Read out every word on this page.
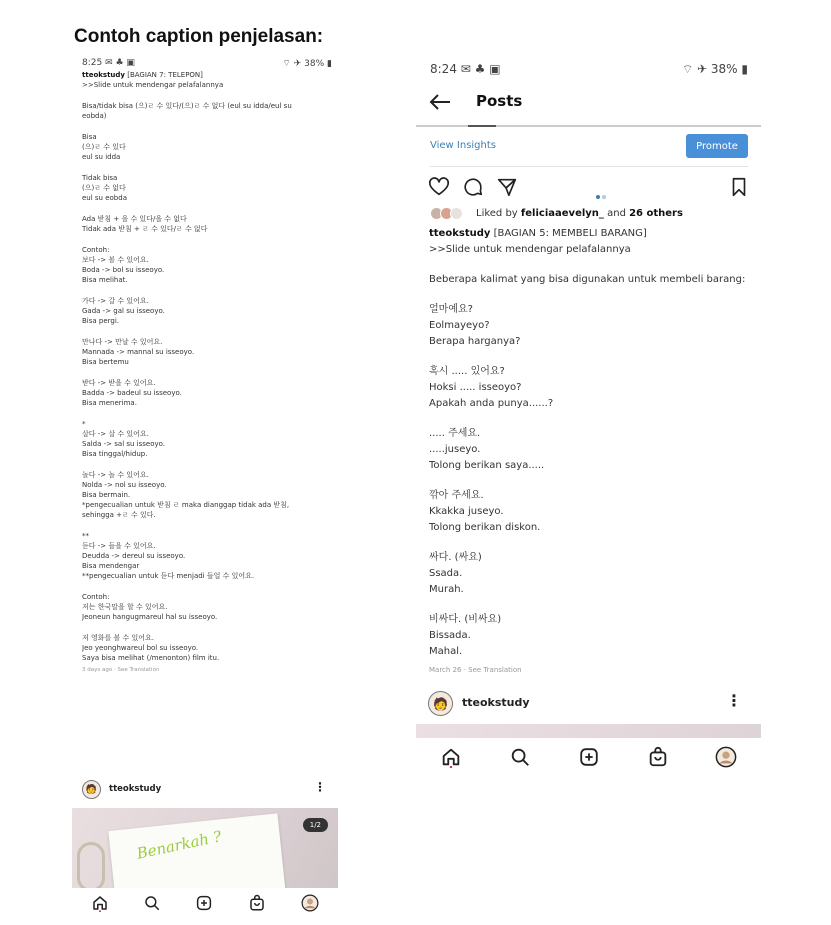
Contoh caption penjelasan:
8:25 ✉ ♣ ▣	⌔ ✈ 38% ▮
tteokstudy [BAGIAN 7: TELEPON]
>>Slide untuk mendengar pelafalannya
Bisa/tidak bisa (으)ㄹ 수 있다/(으)ㄹ 수 없다 (eul su idda/eul su
eobda)
Bisa
(으)ㄹ 수 있다
eul su idda
Tidak bisa
(으)ㄹ 수 없다
eul su eobda
Ada 받침 + 을 수 있다/을 수 없다
Tidak ada 받침 + ㄹ 수 있다/ㄹ 수 없다
Contoh:
보다 -> 볼 수 있어요.
Boda -> bol su isseoyo.
Bisa melihat.
가다 -> 갈 수 있어요.
Gada -> gal su isseoyo.
Bisa pergi.
만나다 -> 만날 수 있어요.
Mannada -> mannal su isseoyo.
Bisa bertemu
받다 -> 받을 수 있어요.
Badda -> badeul su isseoyo.
Bisa menerima.
*
살다 -> 살 수 있어요.
Salda -> sal su isseoyo.
Bisa tinggal/hidup.
놀다 -> 놀 수 있어요.
Nolda -> nol su isseoyo.
Bisa bermain.
*pengecualian untuk 받침 ㄹ maka dianggap tidak ada 받침,
sehingga +ㄹ 수 있다.
**
듣다 -> 들을 수 있어요.
Deudda -> dereul su isseoyo.
Bisa mendengar
**pengecualian untuk 듣다 menjadi 들얼 수 있어요.
Contoh:
저는 한국말을 할 수 있어요.
Jeoneun hangugmareul hal su isseoyo.
저 영화를 볼 수 있어요.
Jeo yeonghwareul bol su isseoyo.
Saya bisa melihat (/menonton) film itu.
3 days ago · See Translation
🧑	tteokstudy	⋮
Benarkah ?
1/2
8:24 ✉ ♣ ▣	⌔ ✈ 38% ▮
Posts
View Insights	Promote
Liked by feliciaaevelyn_ and 26 others
tteokstudy [BAGIAN 5: MEMBELI BARANG]
>>Slide untuk mendengar pelafalannya
Beberapa kalimat yang bisa digunakan untuk membeli barang:
얼마예요?
Eolmayeyo?
Berapa harganya?
혹시 ..... 있어요?
Hoksi ..... isseoyo?
Apakah anda punya......?
..... 주세요.
.....juseyo.
Tolong berikan saya.....
깎아 주세요.
Kkakka juseyo.
Tolong berikan diskon.
싸다. (싸요)
Ssada.
Murah.
비싸다. (비싸요)
Bissada.
Mahal.
March 26 · See Translation
🧑	tteokstudy	⋮
